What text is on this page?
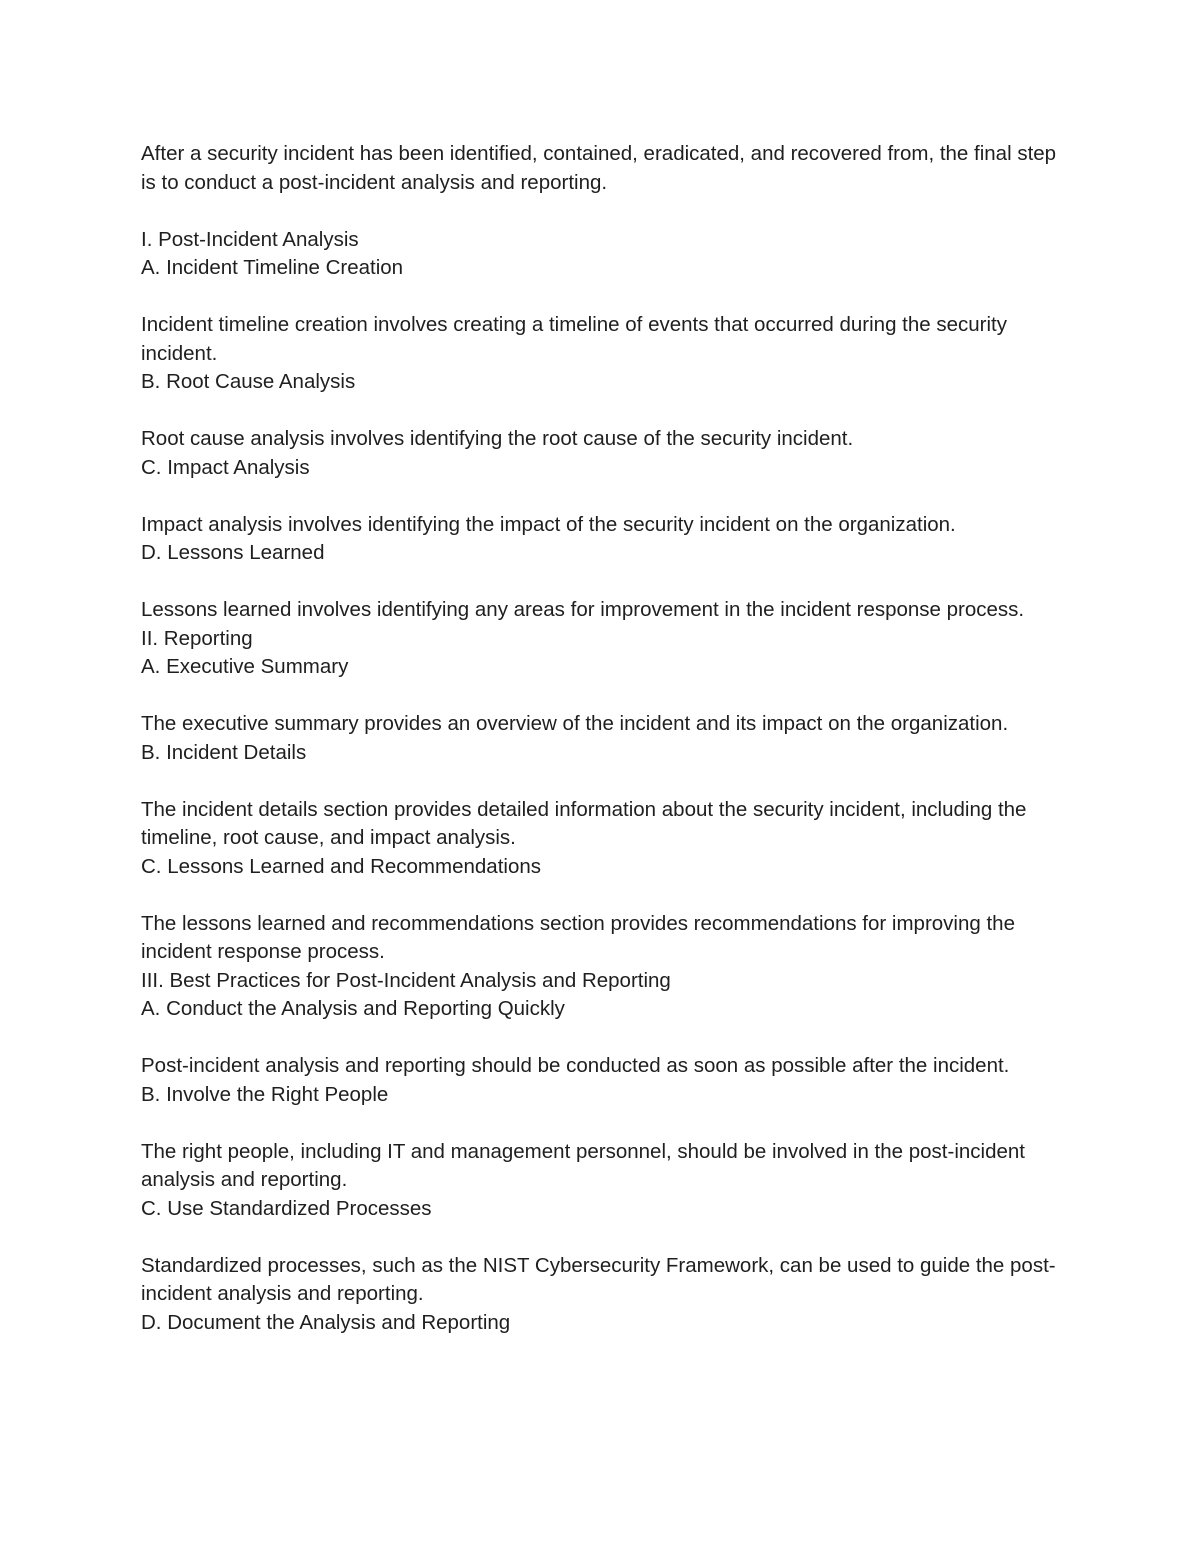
After a security incident has been identified, contained, eradicated, and recovered from, the final step is to conduct a post-incident analysis and reporting.

I. Post-Incident Analysis

A. Incident Timeline Creation

Incident timeline creation involves creating a timeline of events that occurred during the security incident.

B. Root Cause Analysis

Root cause analysis involves identifying the root cause of the security incident.

C. Impact Analysis

Impact analysis involves identifying the impact of the security incident on the organization.

D. Lessons Learned

Lessons learned involves identifying any areas for improvement in the incident response process.

II. Reporting

A. Executive Summary

The executive summary provides an overview of the incident and its impact on the organization.

B. Incident Details

The incident details section provides detailed information about the security incident, including the timeline, root cause, and impact analysis.

C. Lessons Learned and Recommendations

The lessons learned and recommendations section provides recommendations for improving the incident response process.

III. Best Practices for Post-Incident Analysis and Reporting

A. Conduct the Analysis and Reporting Quickly

Post-incident analysis and reporting should be conducted as soon as possible after the incident.

B. Involve the Right People

The right people, including IT and management personnel, should be involved in the post-incident analysis and reporting.

C. Use Standardized Processes

Standardized processes, such as the NIST Cybersecurity Framework, can be used to guide the post-incident analysis and reporting.

D. Document the Analysis and Reporting
